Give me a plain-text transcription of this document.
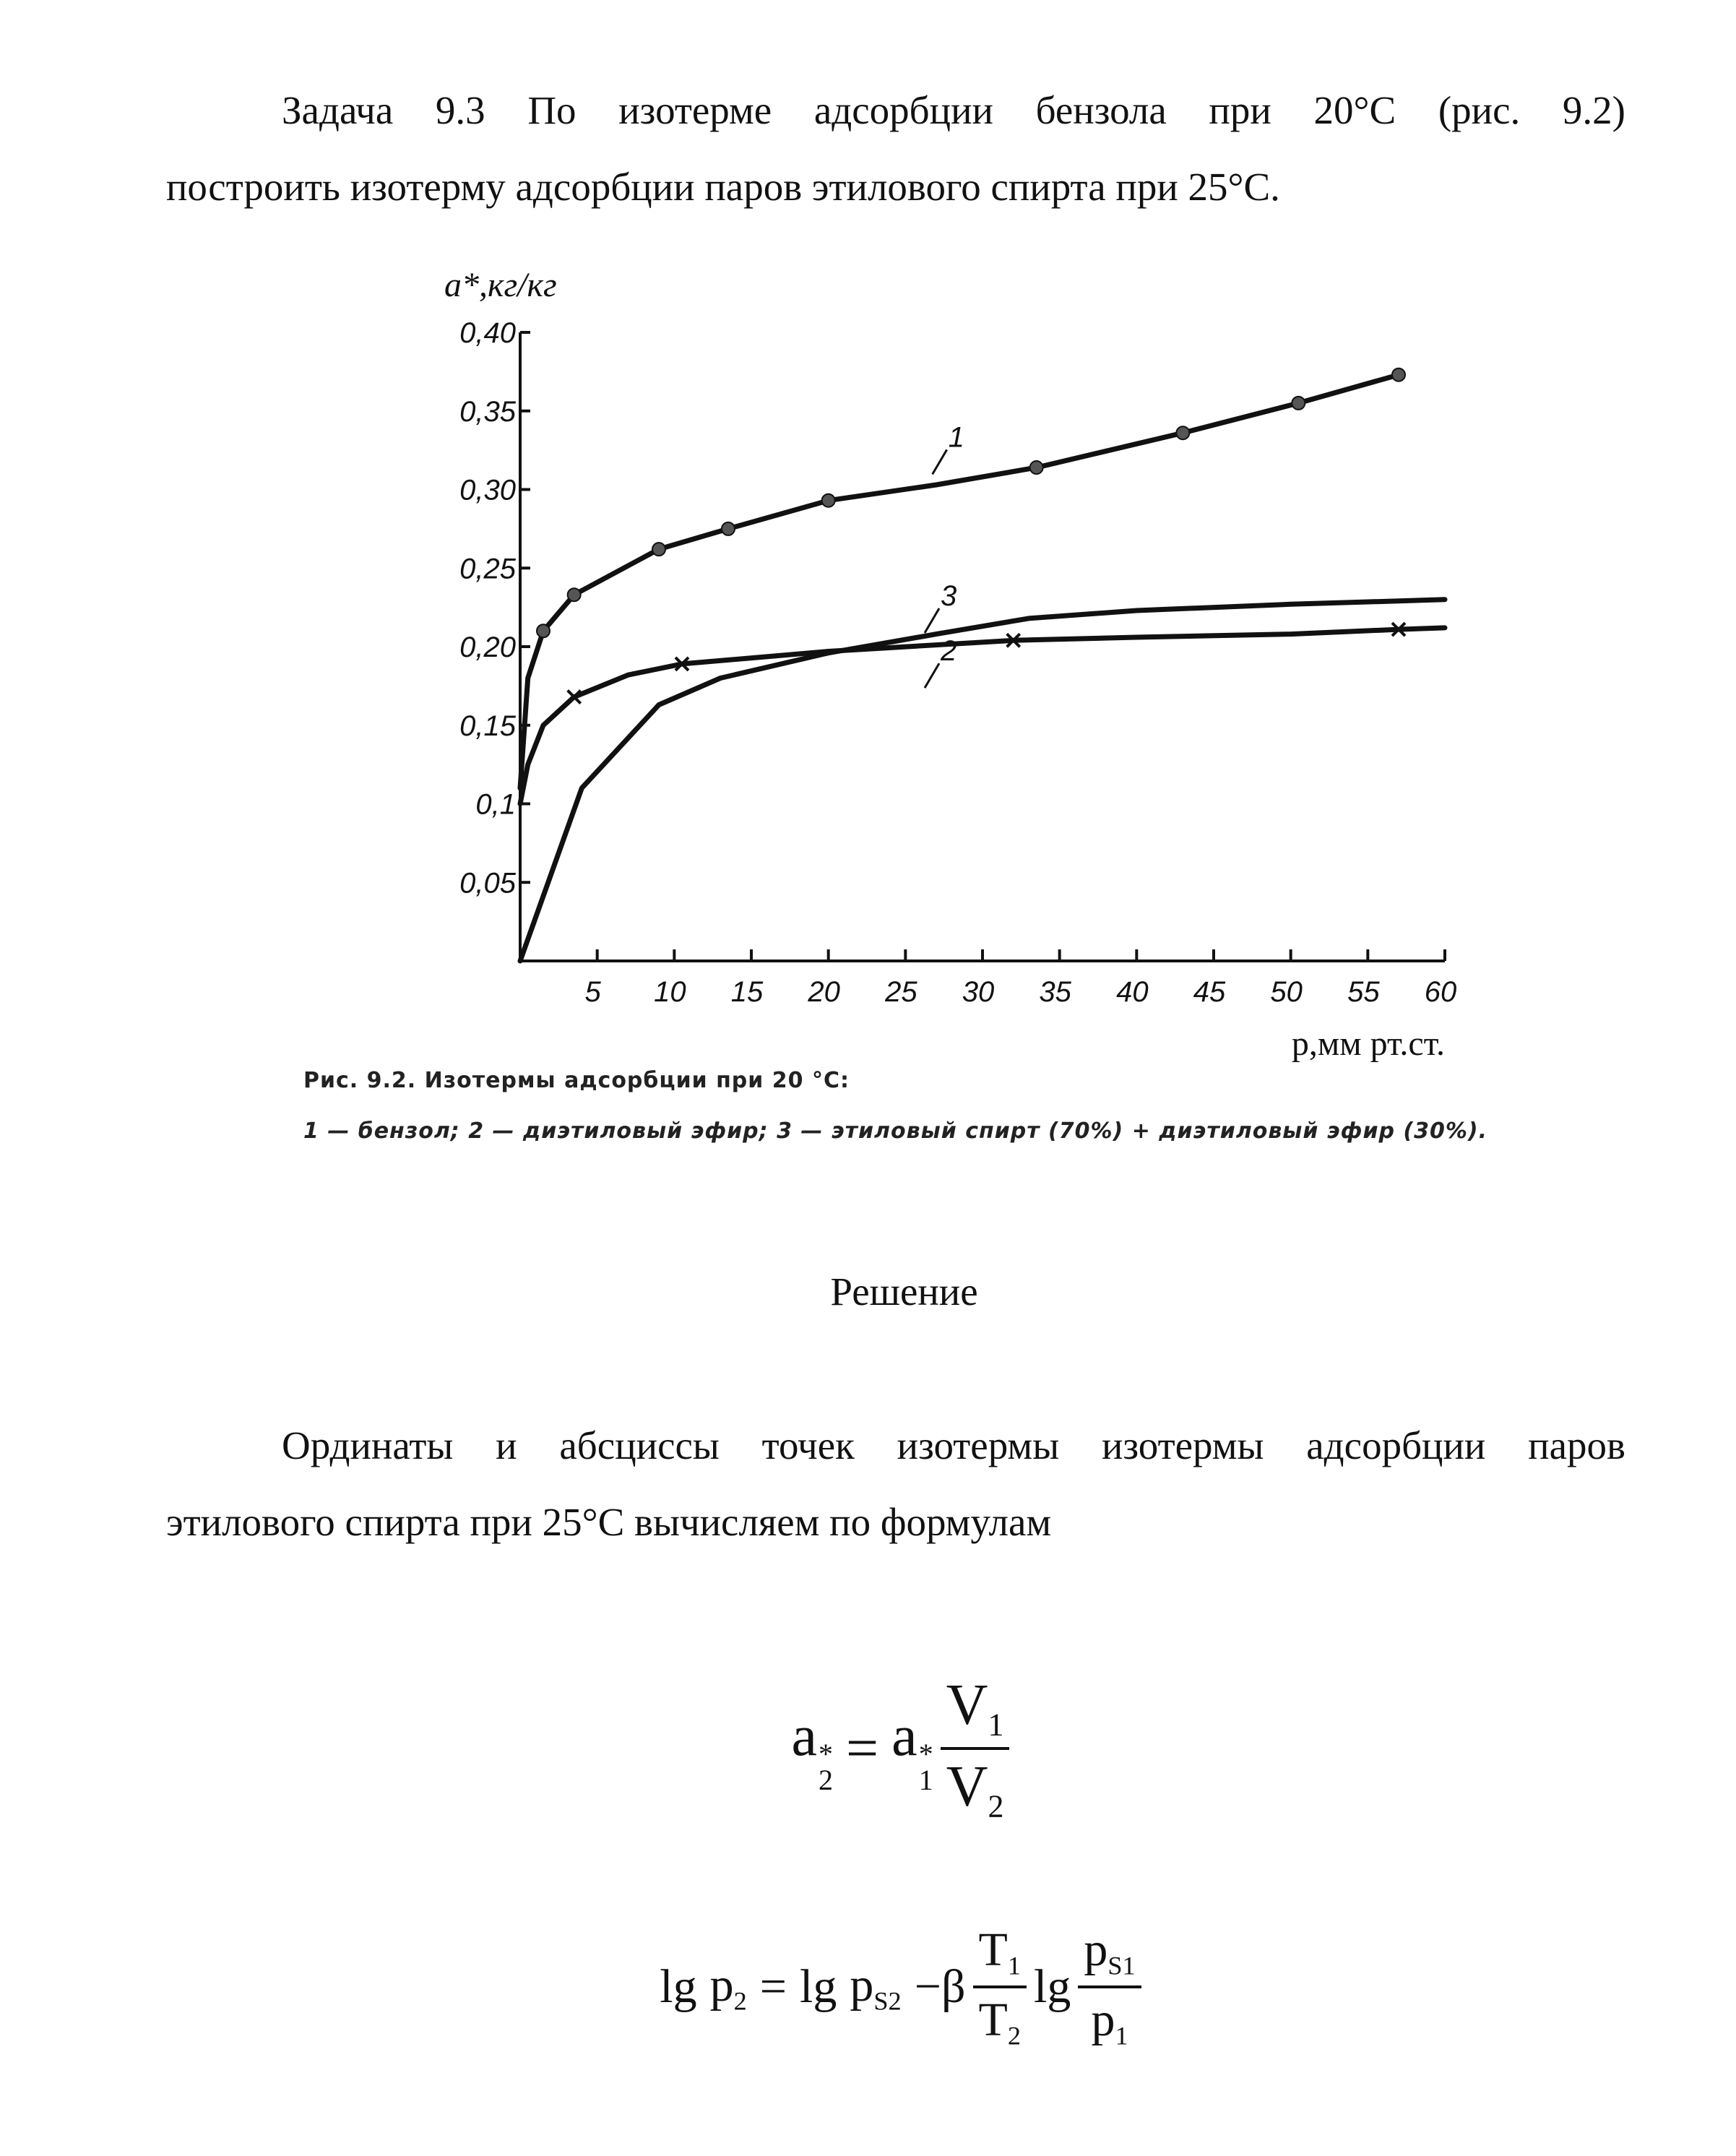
Задача 9.3 По изотерме адсорбции бензола при 20°С (рис. 9.2)
построить изотерму адсорбции паров этилового спирта при 25°С.
0,05
0,1
0,15
0,20
0,25
0,30
0,35
0,40
5 10 15 20 25 30 35 40 45 50 55 60
1
3
2
a*,кг/кг
p,мм рт.ст.
Рис. 9.2. Изотермы адсорбции при 20 °С:
1 — бензол; 2 — диэтиловый эфир; 3 — этиловый спирт (70%) + диэтиловый эфир (30%).
Решение
Ординаты и абсциссы точек изотермы изотермы адсорбции паров
этилового спирта при 25°С вычисляем по формулам
a *
2 = a *
$1 \frac{V_1}{V_2}$
$\lg p_2 = \lg p_{S2} -\beta \frac{T_1}{T_2}$ $\lg \frac{p_{S1}}{p_1}$
